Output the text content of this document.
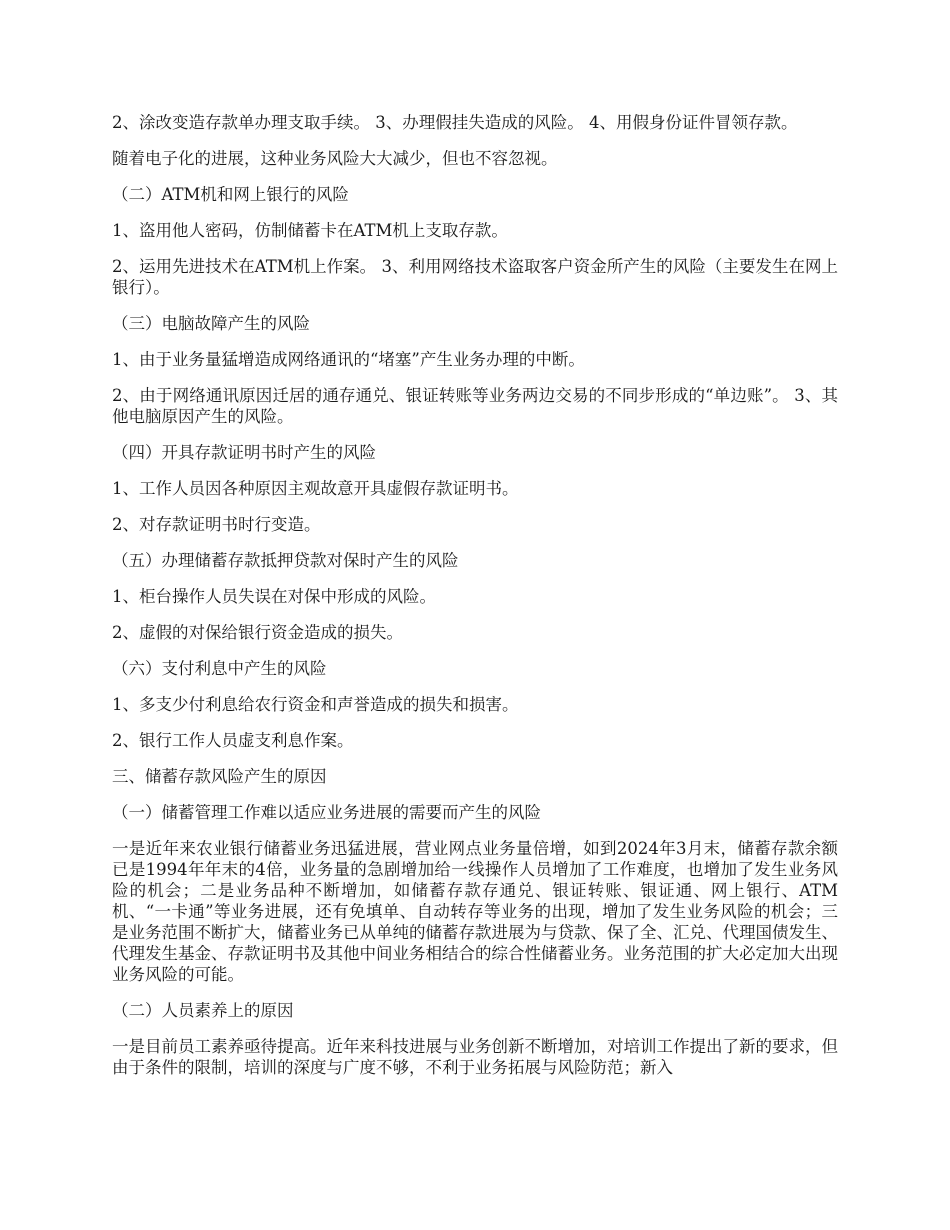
2、涂改变造存款单办理支取手续。 3、办理假挂失造成的风险。 4、用假身份证件冒领存款。

随着电子化的进展，这种业务风险大大减少，但也不容忽视。

（二）ATM机和网上银行的风险

1、盗用他人密码，仿制储蓄卡在ATM机上支取存款。

2、运用先进技术在ATM机上作案。 3、利用网络技术盗取客户资金所产生的风险（主要发生在网上银行）。

（三）电脑故障产生的风险

1、由于业务量猛增造成网络通讯的“堵塞”产生业务办理的中断。

2、由于网络通讯原因迁居的通存通兑、银证转账等业务两边交易的不同步形成的“单边账”。 3、其他电脑原因产生的风险。

（四）开具存款证明书时产生的风险

1、工作人员因各种原因主观故意开具虚假存款证明书。

2、对存款证明书时行变造。

（五）办理储蓄存款抵押贷款对保时产生的风险

1、柜台操作人员失误在对保中形成的风险。

2、虚假的对保给银行资金造成的损失。

（六）支付利息中产生的风险

1、多支少付利息给农行资金和声誉造成的损失和损害。

2、银行工作人员虚支利息作案。

三、储蓄存款风险产生的原因

（一）储蓄管理工作难以适应业务进展的需要而产生的风险

一是近年来农业银行储蓄业务迅猛进展，营业网点业务量倍增，如到2024年3月末，储蓄存款余额已是1994年年末的4倍，业务量的急剧增加给一线操作人员增加了工作难度，也增加了发生业务风险的机会；二是业务品种不断增加，如储蓄存款存通兑、银证转账、银证通、网上银行、ATM机、“一卡通”等业务进展，还有免填单、自动转存等业务的出现，增加了发生业务风险的机会；三是业务范围不断扩大，储蓄业务已从单纯的储蓄存款进展为与贷款、保了全、汇兑、代理国债发生、代理发生基金、存款证明书及其他中间业务相结合的综合性储蓄业务。业务范围的扩大必定加大出现业务风险的可能。

（二）人员素养上的原因

一是目前员工素养亟待提高。近年来科技进展与业务创新不断增加，对培训工作提出了新的要求，但由于条件的限制，培训的深度与广度不够，不利于业务拓展与风险防范；新入
